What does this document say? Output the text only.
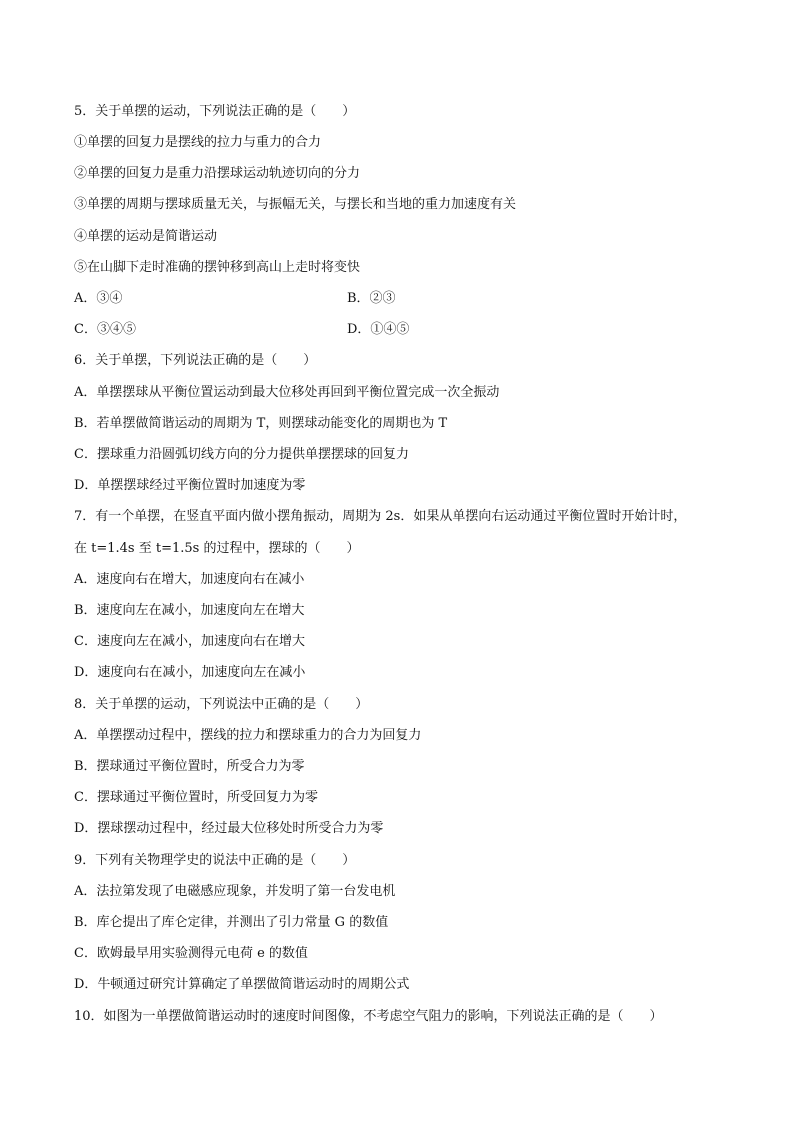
5．关于单摆的运动，下列说法正确的是（　　）
①单摆的回复力是摆线的拉力与重力的合力
②单摆的回复力是重力沿摆球运动轨迹切向的分力
③单摆的周期与摆球质量无关，与振幅无关，与摆长和当地的重力加速度有关
④单摆的运动是简谐运动
⑤在山脚下走时准确的摆钟移到高山上走时将变快
A．③④	B．②③
C．③④⑤	D．①④⑤
6．关于单摆，下列说法正确的是（　　）
A．单摆摆球从平衡位置运动到最大位移处再回到平衡位置完成一次全振动
B．若单摆做简谐运动的周期为 T，则摆球动能变化的周期也为 T
C．摆球重力沿圆弧切线方向的分力提供单摆摆球的回复力
D．单摆摆球经过平衡位置时加速度为零
7．有一个单摆，在竖直平面内做小摆角振动，周期为 2s．如果从单摆向右运动通过平衡位置时开始计时，
在 t=1.4s 至 t=1.5s 的过程中，摆球的（　　）
A．速度向右在增大，加速度向右在减小
B．速度向左在减小，加速度向左在增大
C．速度向左在减小，加速度向右在增大
D．速度向右在减小，加速度向左在减小
8．关于单摆的运动，下列说法中正确的是（　　）
A．单摆摆动过程中，摆线的拉力和摆球重力的合力为回复力
B．摆球通过平衡位置时，所受合力为零
C．摆球通过平衡位置时，所受回复力为零
D．摆球摆动过程中，经过最大位移处时所受合力为零
9．下列有关物理学史的说法中正确的是（　　）
A．法拉第发现了电磁感应现象，并发明了第一台发电机
B．库仑提出了库仑定律，并测出了引力常量 G 的数值
C．欧姆最早用实验测得元电荷 e 的数值
D．牛顿通过研究计算确定了单摆做简谐运动时的周期公式
10．如图为一单摆做简谐运动时的速度时间图像，不考虑空气阻力的影响，下列说法正确的是（　　）
